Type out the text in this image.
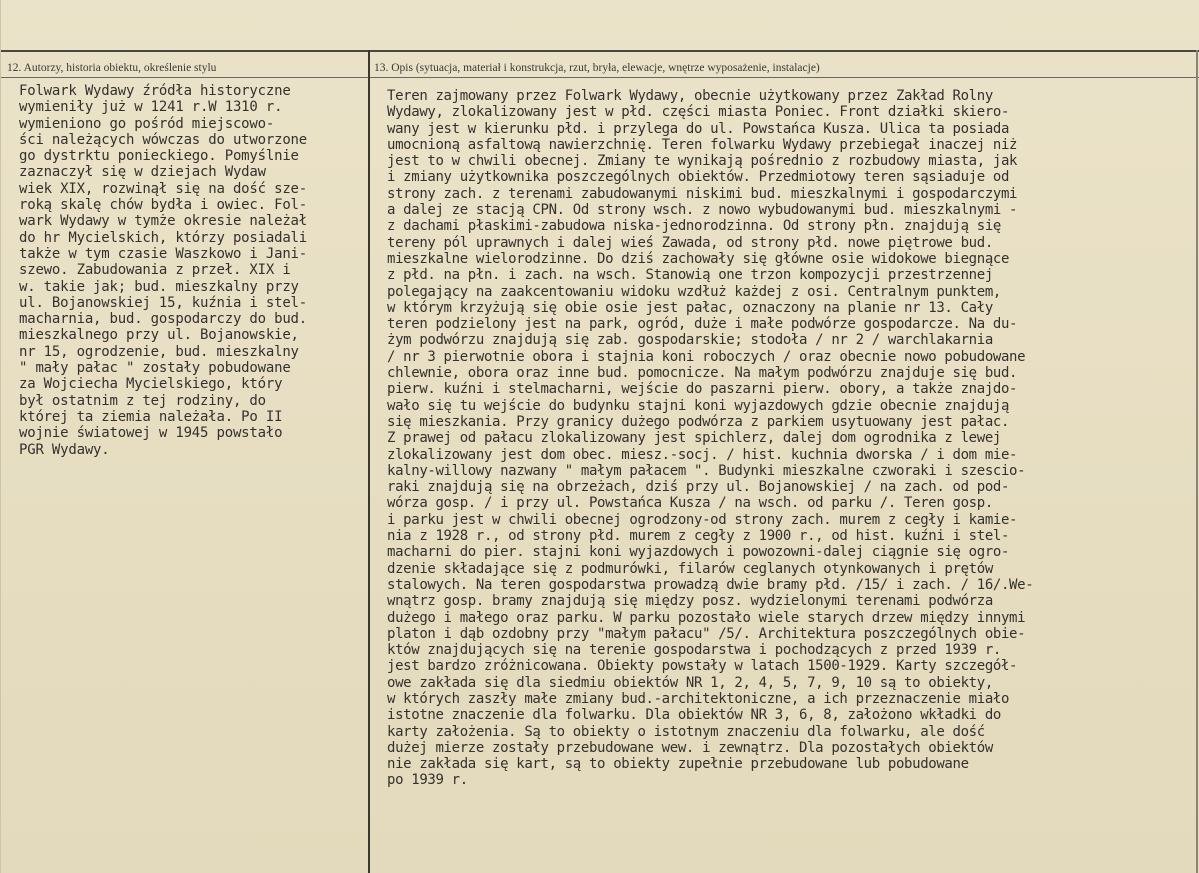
12. Autorzy, historia obiektu, określenie stylu	13. Opis (sytuacja, materiał i konstrukcja, rzut, bryła, elewacje, wnętrze wyposażenie, instalacje)
Folwark Wydawy źródła historyczne
wymieniły już w 1241 r.W 1310 r.
wymieniono go pośród miejscowo-
ści należących wówczas do utworzone
go dystrktu ponieckiego. Pomyślnie
zaznaczył się w dziejach Wydaw
wiek XIX, rozwinął się na dość sze-
roką skalę chów bydła i owiec. Fol-
wark Wydawy w tymże okresie należał
do hr Mycielskich, którzy posiadali
także w tym czasie Waszkowo i Jani-
szewo. Zabudowania z przeł. XIX i
w. takie jak; bud. mieszkalny przy
ul. Bojanowskiej 15, kuźnia i stel-
macharnia, bud. gospodarczy do bud.
mieszkalnego przy ul. Bojanowskie,
nr 15, ogrodzenie, bud. mieszkalny
" mały pałac " zostały pobudowane
za Wojciecha Mycielskiego, który
był ostatnim z tej rodziny, do
której ta ziemia należała. Po II
wojnie światowej w 1945 powstało
PGR Wydawy.
Teren zajmowany przez Folwark Wydawy, obecnie użytkowany przez Zakład Rolny
Wydawy, zlokalizowany jest w płd. części miasta Poniec. Front działki skiero-
wany jest w kierunku płd. i przylega do ul. Powstańca Kusza. Ulica ta posiada
umocnioną asfaltową nawierzchnię. Teren folwarku Wydawy przebiegał inaczej niż
jest to w chwili obecnej. Zmiany te wynikają pośrednio z rozbudowy miasta, jak
i zmiany użytkownika poszczególnych obiektów. Przedmiotowy teren sąsiaduje od
strony zach. z terenami zabudowanymi niskimi bud. mieszkalnymi i gospodarczymi
a dalej ze stacją CPN. Od strony wsch. z nowo wybudowanymi bud. mieszkalnymi -
z dachami płaskimi-zabudowa niska-jednorodzinna. Od strony płn. znajdują się
tereny pól uprawnych i dalej wieś Zawada, od strony płd. nowe piętrowe bud.
mieszkalne wielorodzinne. Do dziś zachowały się główne osie widokowe biegnące
z płd. na płn. i zach. na wsch. Stanowią one trzon kompozycji przestrzennej
polegający na zaakcentowaniu widoku wzdłuż każdej z osi. Centralnym punktem,
w którym krzyżują się obie osie jest pałac, oznaczony na planie nr 13. Cały
teren podzielony jest na park, ogród, duże i małe podwórze gospodarcze. Na du-
żym podwórzu znajdują się zab. gospodarskie; stodoła / nr 2 / warchlakarnia
/ nr 3 pierwotnie obora i stajnia koni roboczych / oraz obecnie nowo pobudowane
chlewnie, obora oraz inne bud. pomocnicze. Na małym podwórzu znajduje się bud.
pierw. kuźni i stelmacharni, wejście do paszarni pierw. obory, a także znajdo-
wało się tu wejście do budynku stajni koni wyjazdowych gdzie obecnie znajdują
się mieszkania. Przy granicy dużego podwórza z parkiem usytuowany jest pałac.
Z prawej od pałacu zlokalizowany jest spichlerz, dalej dom ogrodnika z lewej
zlokalizowany jest dom obec. miesz.-socj. / hist. kuchnia dworska / i dom mie-
kalny-willowy nazwany " małym pałacem ". Budynki mieszkalne czworaki i szescio-
raki znajdują się na obrzeżach, dziś przy ul. Bojanowskiej / na zach. od pod-
wórza gosp. / i przy ul. Powstańca Kusza / na wsch. od parku /. Teren gosp.
i parku jest w chwili obecnej ogrodzony-od strony zach. murem z cegły i kamie-
nia z 1928 r., od strony płd. murem z cegły z 1900 r., od hist. kuźni i stel-
macharni do pier. stajni koni wyjazdowych i powozowni-dalej ciągnie się ogro-
dzenie składające się z podmurówki, filarów ceglanych otynkowanych i prętów
stalowych. Na teren gospodarstwa prowadzą dwie bramy płd. /15/ i zach. / 16/.We-
wnątrz gosp. bramy znajdują się między posz. wydzielonymi terenami podwórza
dużego i małego oraz parku. W parku pozostało wiele starych drzew między innymi
platon i dąb ozdobny przy "małym pałacu" /5/. Architektura poszczególnych obie-
któw znajdujących się na terenie gospodarstwa i pochodzących z przed 1939 r.
jest bardzo zróżnicowana. Obiekty powstały w latach 1500-1929. Karty szczegół-
owe zakłada się dla siedmiu obiektów NR 1, 2, 4, 5, 7, 9, 10 są to obiekty,
w których zaszły małe zmiany bud.-architektoniczne, a ich przeznaczenie miało
istotne znaczenie dla folwarku. Dla obiektów NR 3, 6, 8, założono wkładki do
karty założenia. Są to obiekty o istotnym znaczeniu dla folwarku, ale dość
dużej mierze zostały przebudowane wew. i zewnątrz. Dla pozostałych obiektów
nie zakłada się kart, są to obiekty zupełnie przebudowane lub pobudowane
po 1939 r.
